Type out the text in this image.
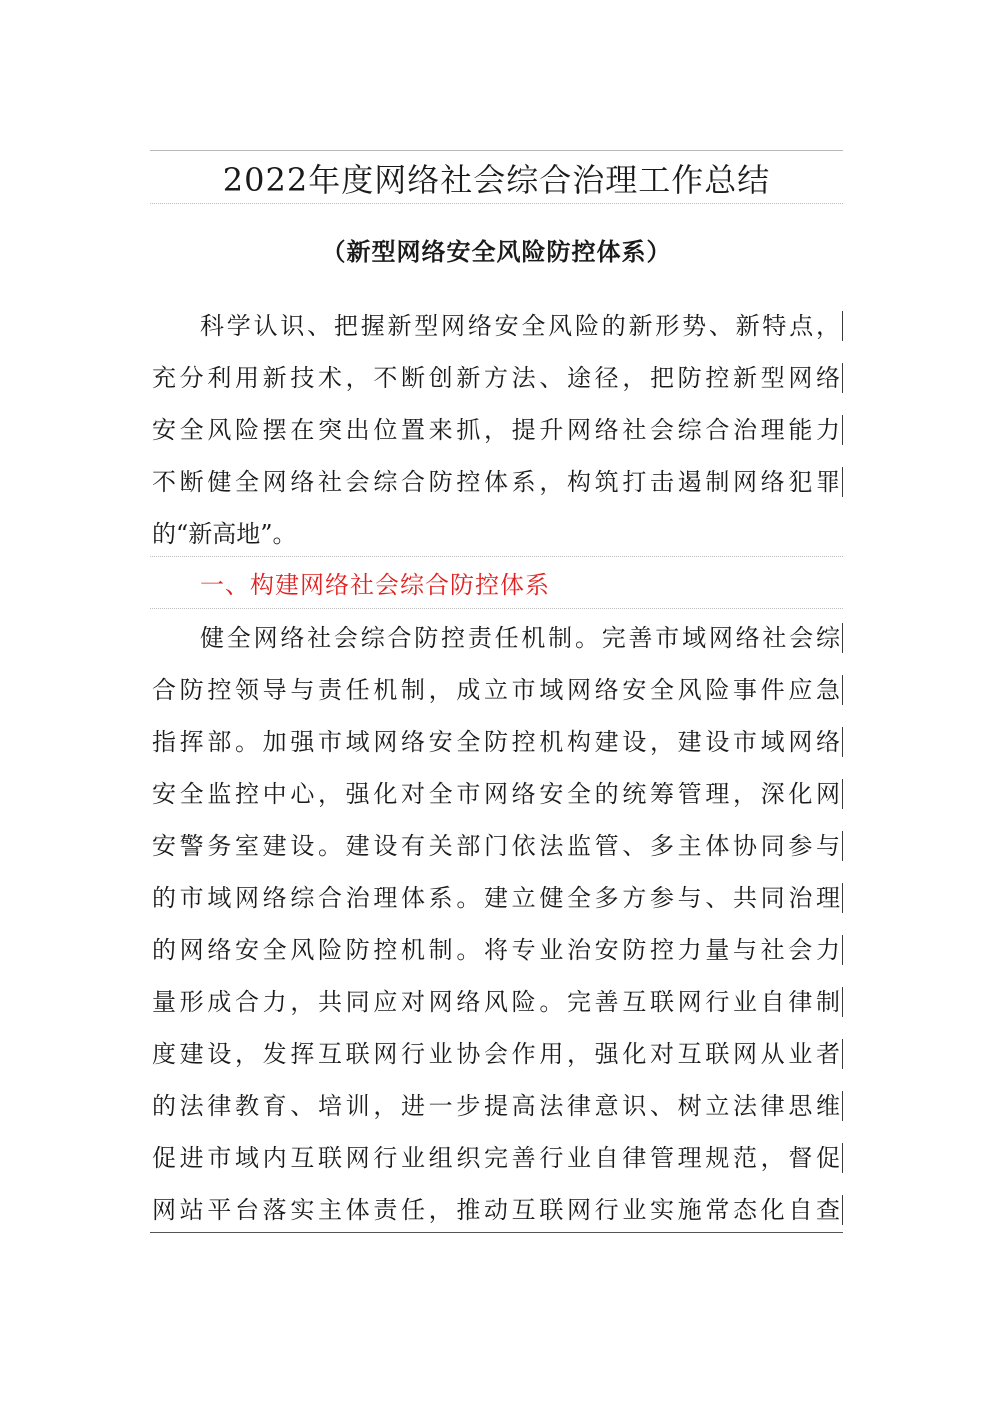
2022年度网络社会综合治理工作总结
（新型网络安全风险防控体系）
科学认识、把握新型网络安全风险的新形势、新特点，
充分利用新技术，不断创新方法、途径，把防控新型网络
安全风险摆在突出位置来抓，提升网络社会综合治理能力
不断健全网络社会综合防控体系，构筑打击遏制网络犯罪
的“新高地”。
一、构建网络社会综合防控体系
健全网络社会综合防控责任机制。完善市域网络社会综
合防控领导与责任机制，成立市域网络安全风险事件应急
指挥部。加强市域网络安全防控机构建设，建设市域网络
安全监控中心，强化对全市网络安全的统筹管理，深化网
安警务室建设。建设有关部门依法监管、多主体协同参与
的市域网络综合治理体系。建立健全多方参与、共同治理
的网络安全风险防控机制。将专业治安防控力量与社会力
量形成合力，共同应对网络风险。完善互联网行业自律制
度建设，发挥互联网行业协会作用，强化对互联网从业者
的法律教育、培训，进一步提高法律意识、树立法律思维
促进市域内互联网行业组织完善行业自律管理规范，督促
网站平台落实主体责任，推动互联网行业实施常态化自查
